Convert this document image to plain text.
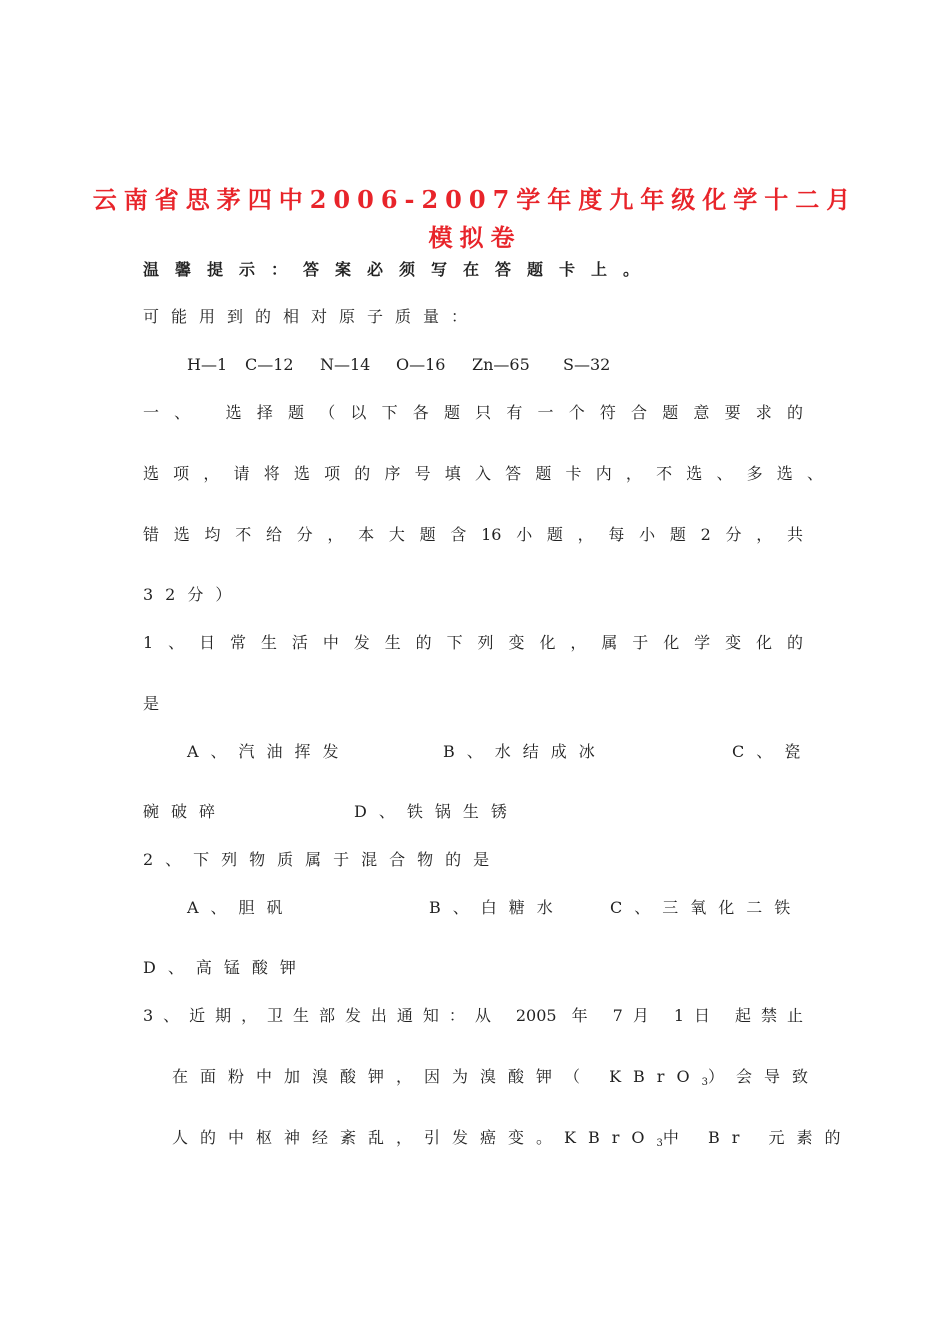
云南省思茅四中2006-2007学年度九年级化学十二月
模拟卷
温馨提示：答案必须写在答题卡上。
可能用到的相对原子质量：
H—1 C—12 N—14 O—16 Zn—65 S—32
一、 选择题（以下各题只有一个符合题意要求的
选项，请将选项的序号填入答题卡内，不选、多选、
错选均不给分，本大题含16小题，每小题2分，共
32分）
1、日常生活中发生的下列变化，属于化学变化的
是
A、汽油挥发	B、水结成冰	C、瓷
碗破碎	D、铁锅生锈
2、下列物质属于混合物的是
A、胆矾	B、白糖水	C、三氧化二铁
D、高锰酸钾
3、近期，卫生部发出通知：从 2005 年 7月 1日 起禁止
在面粉中加溴酸钾，因为溴酸钾（ KBrO$_3$）会导致
人的中枢神经紊乱，引发癌变。KBrO$_3$中 Br 元素的
